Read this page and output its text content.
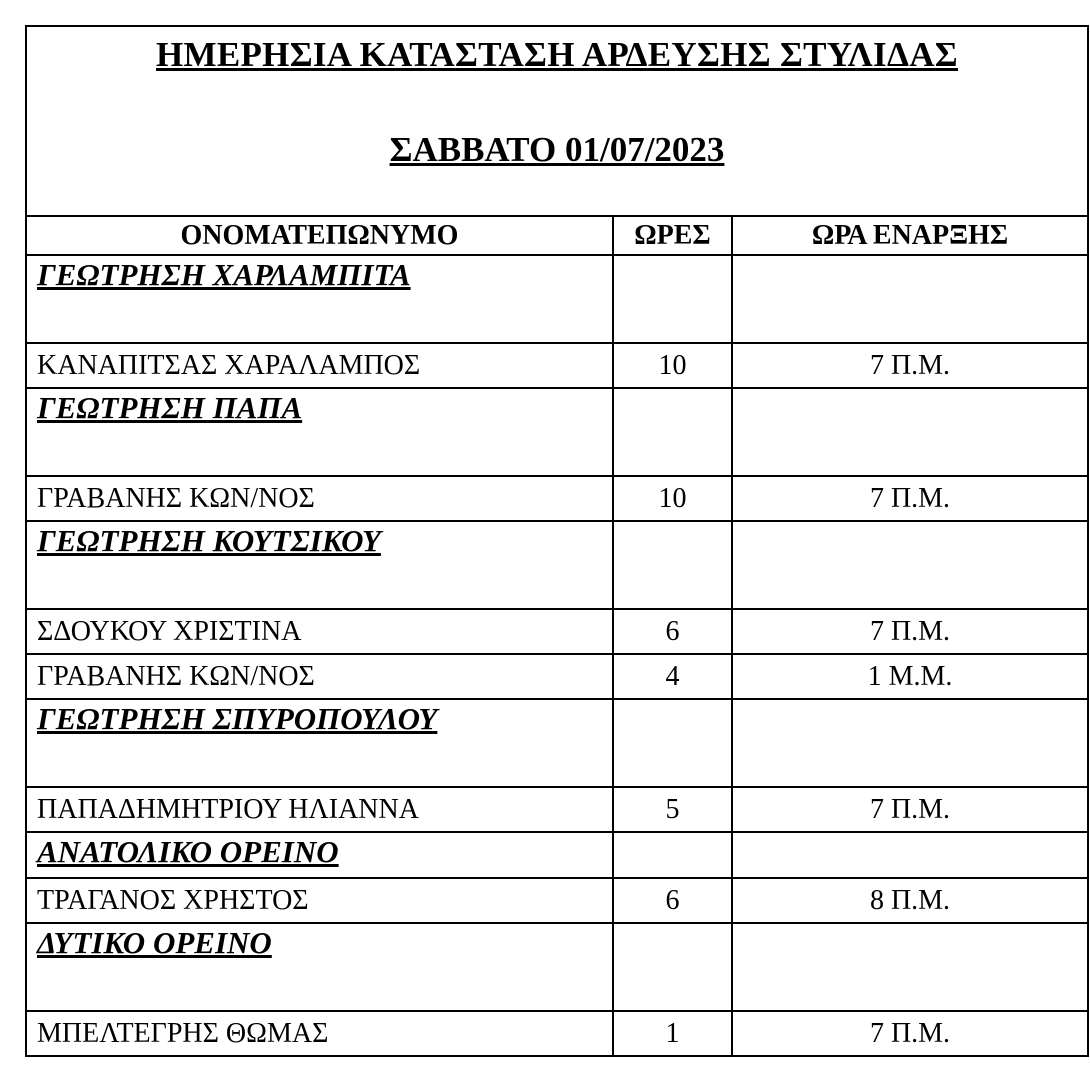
ΗΜΕΡΗΣΙΑ ΚΑΤΑΣΤΑΣΗ ΑΡΔΕΥΣΗΣ ΣΤΥΛΙΔΑΣ
ΣΑΒΒΑΤΟ 01/07/2023
ΟΝΟΜΑΤΕΠΩΝΥΜΟ	ΩΡΕΣ	ΩΡΑ ΕΝΑΡΞΗΣ
ΓΕΩΤΡΗΣΗ ΧΑΡΛΑΜΠΙΤΑ		
ΚΑΝΑΠΙΤΣΑΣ ΧΑΡΑΛΑΜΠΟΣ	10	7 Π.Μ.
ΓΕΩΤΡΗΣΗ ΠΑΠΑ		
ΓΡΑΒΑΝΗΣ ΚΩΝ/ΝΟΣ	10	7 Π.Μ.
ΓΕΩΤΡΗΣΗ ΚΟΥΤΣΙΚΟΥ		
ΣΔΟΥΚΟΥ ΧΡΙΣΤΙΝΑ	6	7 Π.Μ.
ΓΡΑΒΑΝΗΣ ΚΩΝ/ΝΟΣ	4	1 Μ.Μ.
ΓΕΩΤΡΗΣΗ ΣΠΥΡΟΠΟΥΛΟΥ		
ΠΑΠΑΔΗΜΗΤΡΙΟΥ ΗΛΙΑΝΝΑ	5	7 Π.Μ.
ΑΝΑΤΟΛΙΚΟ ΟΡΕΙΝΟ		
ΤΡΑΓΑΝΟΣ ΧΡΗΣΤΟΣ	6	8 Π.Μ.
ΔΥΤΙΚΟ ΟΡΕΙΝΟ		
ΜΠΕΛΤΕΓΡΗΣ ΘΩΜΑΣ	1	7 Π.Μ.
